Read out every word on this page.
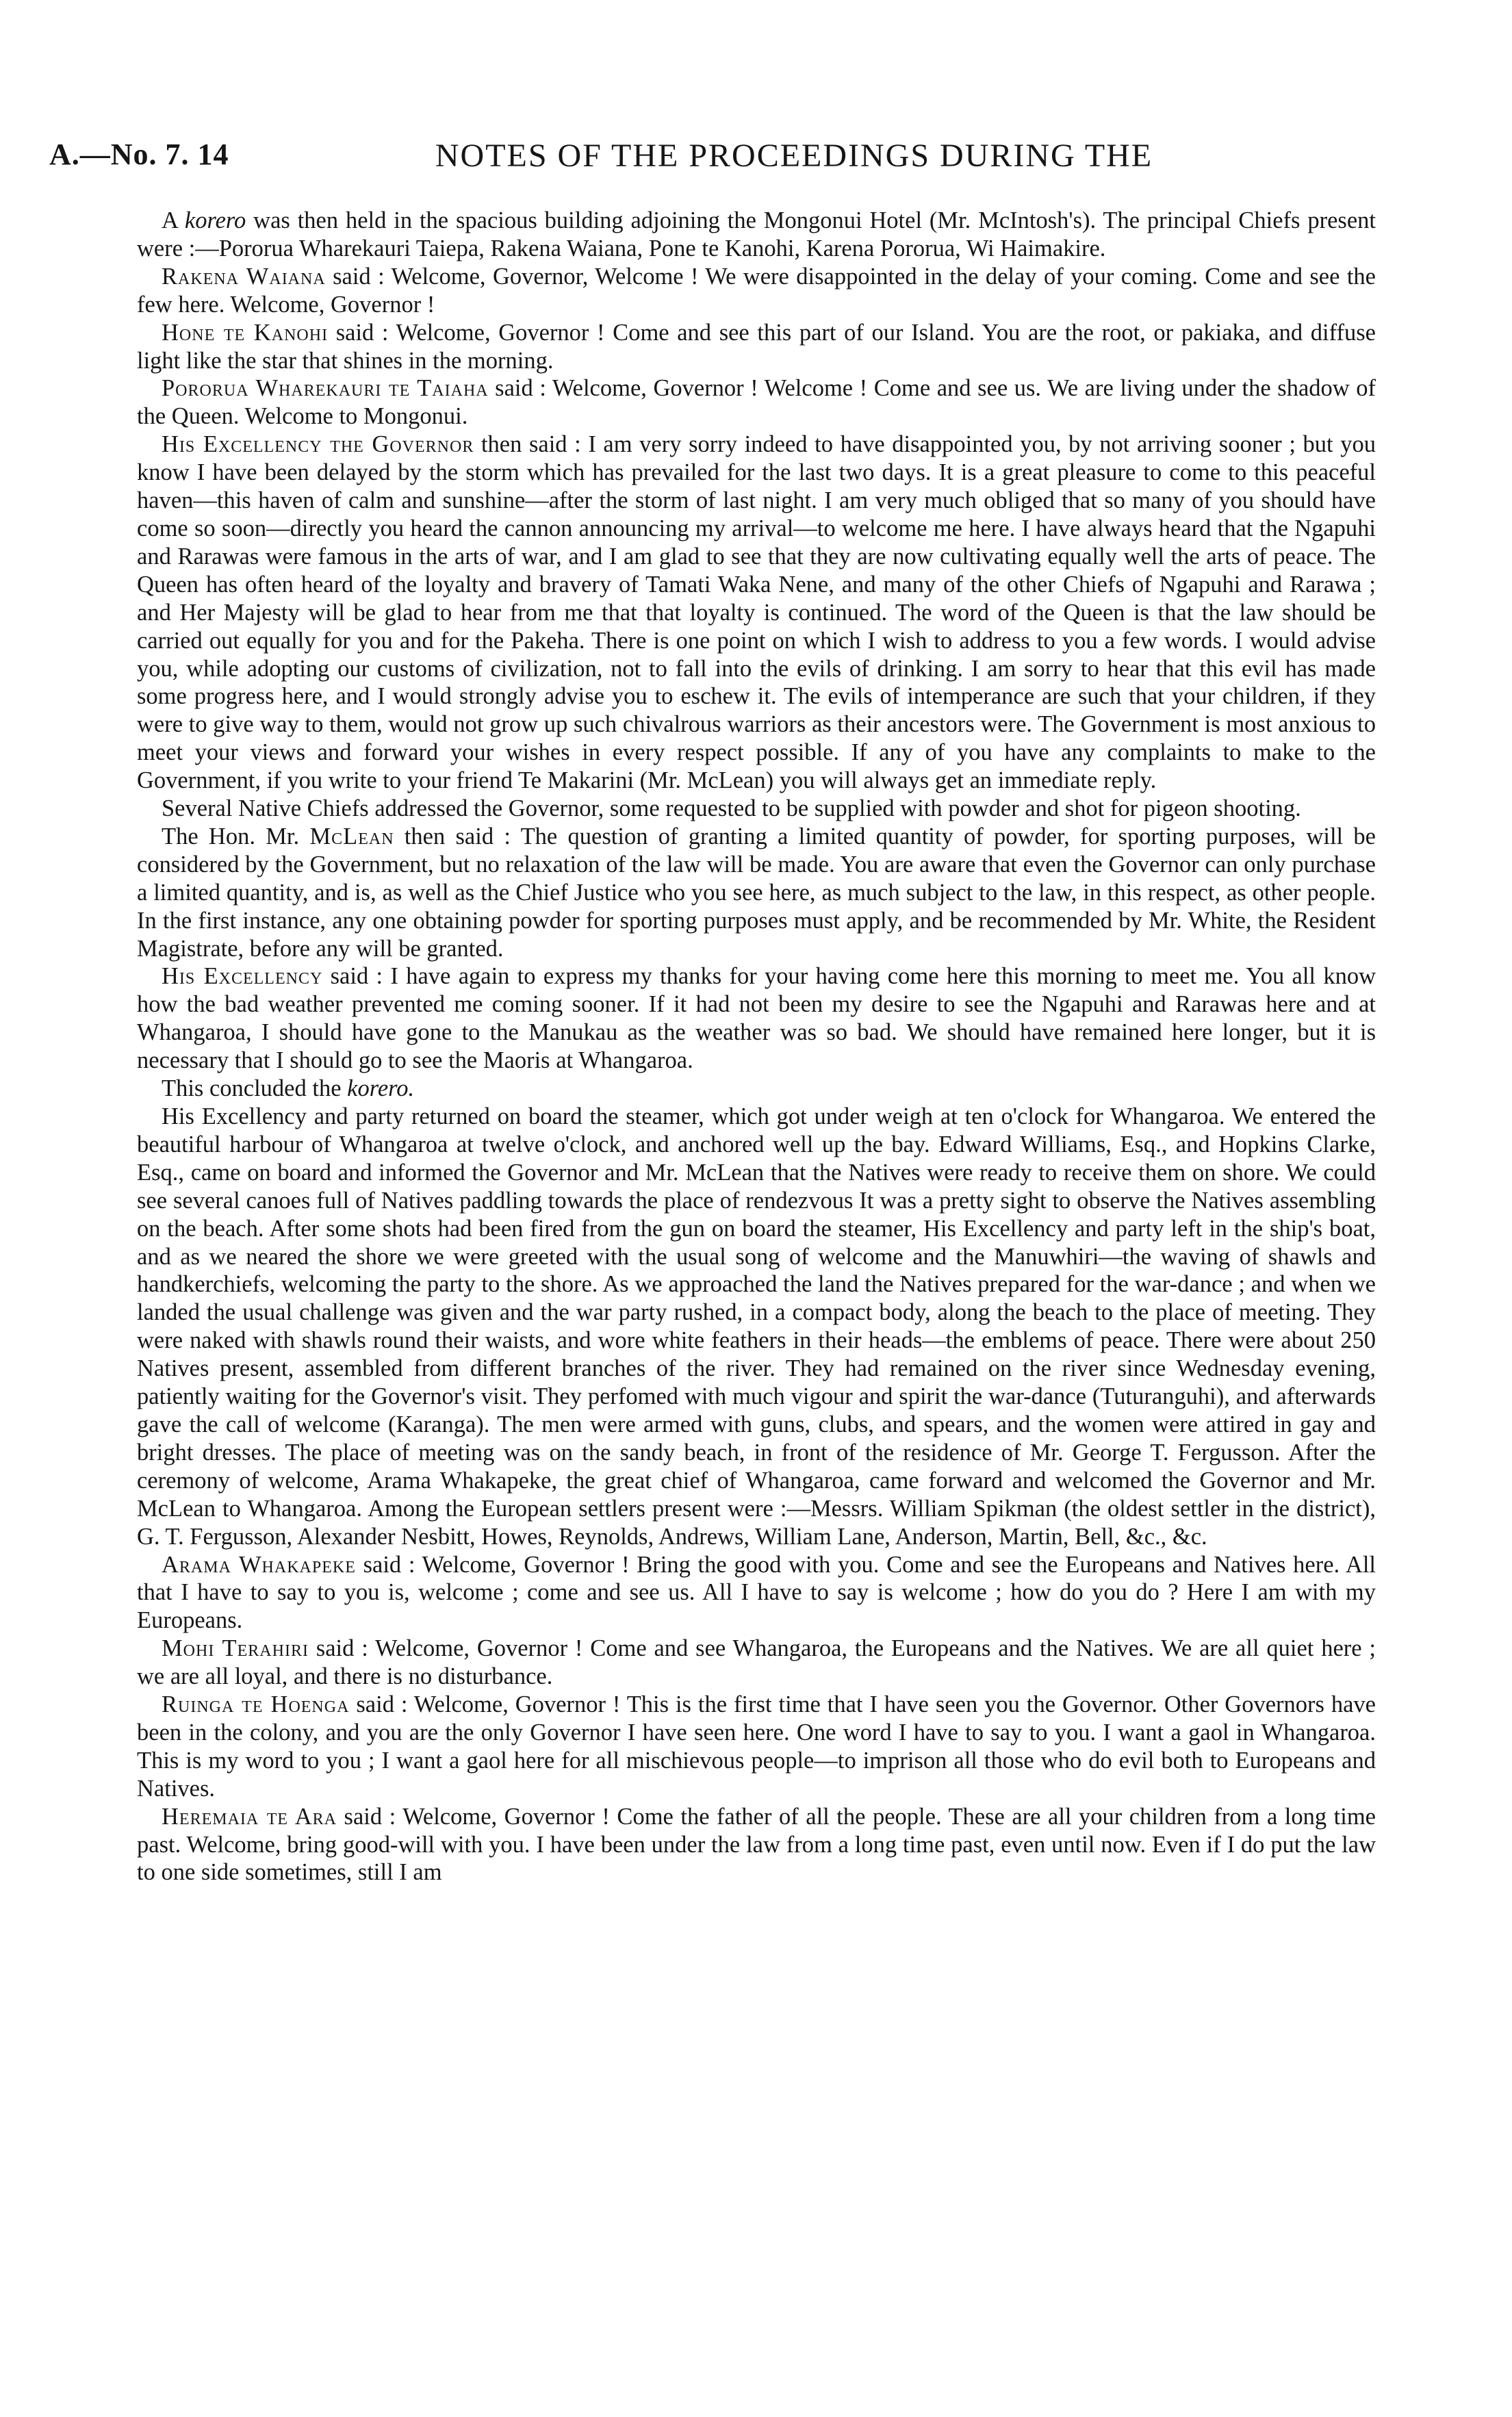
A.—No. 7. 14	NOTES OF THE PROCEEDINGS DURING THE

A korero was then held in the spacious building adjoining the Mongonui Hotel (Mr. McIntosh's). The principal Chiefs present were :—Pororua Wharekauri Taiepa, Rakena Waiana, Pone te Kanohi, Karena Pororua, Wi Haimakire.

Rakena Waiana said : Welcome, Governor, Welcome ! We were disappointed in the delay of your coming. Come and see the few here. Welcome, Governor !

Hone te Kanohi said : Welcome, Governor ! Come and see this part of our Island. You are the root, or pakiaka, and diffuse light like the star that shines in the morning.

Pororua Wharekauri te Taiaha said : Welcome, Governor ! Welcome ! Come and see us. We are living under the shadow of the Queen. Welcome to Mongonui.

His Excellency the Governor then said : I am very sorry indeed to have disappointed you, by not arriving sooner ; but you know I have been delayed by the storm which has prevailed for the last two days. It is a great pleasure to come to this peaceful haven—this haven of calm and sunshine—after the storm of last night. I am very much obliged that so many of you should have come so soon—directly you heard the cannon announcing my arrival—to welcome me here. I have always heard that the Ngapuhi and Rarawas were famous in the arts of war, and I am glad to see that they are now cultivating equally well the arts of peace. The Queen has often heard of the loyalty and bravery of Tamati Waka Nene, and many of the other Chiefs of Ngapuhi and Rarawa ; and Her Majesty will be glad to hear from me that that loyalty is continued. The word of the Queen is that the law should be carried out equally for you and for the Pakeha. There is one point on which I wish to address to you a few words. I would advise you, while adopting our customs of civilization, not to fall into the evils of drinking. I am sorry to hear that this evil has made some progress here, and I would strongly advise you to eschew it. The evils of intemperance are such that your children, if they were to give way to them, would not grow up such chivalrous warriors as their ancestors were. The Government is most anxious to meet your views and forward your wishes in every respect possible. If any of you have any complaints to make to the Government, if you write to your friend Te Makarini (Mr. McLean) you will always get an immediate reply.

Several Native Chiefs addressed the Governor, some requested to be supplied with powder and shot for pigeon shooting.

The Hon. Mr. McLean then said : The question of granting a limited quantity of powder, for sporting purposes, will be considered by the Government, but no relaxation of the law will be made. You are aware that even the Governor can only purchase a limited quantity, and is, as well as the Chief Justice who you see here, as much subject to the law, in this respect, as other people. In the first instance, any one obtaining powder for sporting purposes must apply, and be recommended by Mr. White, the Resident Magistrate, before any will be granted.

His Excellency said : I have again to express my thanks for your having come here this morning to meet me. You all know how the bad weather prevented me coming sooner. If it had not been my desire to see the Ngapuhi and Rarawas here and at Whangaroa, I should have gone to the Manukau as the weather was so bad. We should have remained here longer, but it is necessary that I should go to see the Maoris at Whangaroa.

This concluded the korero.

His Excellency and party returned on board the steamer, which got under weigh at ten o'clock for Whangaroa. We entered the beautiful harbour of Whangaroa at twelve o'clock, and anchored well up the bay. Edward Williams, Esq., and Hopkins Clarke, Esq., came on board and informed the Governor and Mr. McLean that the Natives were ready to receive them on shore. We could see several canoes full of Natives paddling towards the place of rendezvous It was a pretty sight to observe the Natives assembling on the beach. After some shots had been fired from the gun on board the steamer, His Excellency and party left in the ship's boat, and as we neared the shore we were greeted with the usual song of welcome and the Manuwhiri—the waving of shawls and handkerchiefs, welcoming the party to the shore. As we approached the land the Natives prepared for the war-dance ; and when we landed the usual challenge was given and the war party rushed, in a compact body, along the beach to the place of meeting. They were naked with shawls round their waists, and wore white feathers in their heads—the emblems of peace. There were about 250 Natives present, assembled from different branches of the river. They had remained on the river since Wednesday evening, patiently waiting for the Governor's visit. They perfomed with much vigour and spirit the war-dance (Tuturanguhi), and afterwards gave the call of welcome (Karanga). The men were armed with guns, clubs, and spears, and the women were attired in gay and bright dresses. The place of meeting was on the sandy beach, in front of the residence of Mr. George T. Fergusson. After the ceremony of welcome, Arama Whakapeke, the great chief of Whangaroa, came forward and welcomed the Governor and Mr. McLean to Whangaroa. Among the European settlers present were :—Messrs. William Spikman (the oldest settler in the district), G. T. Fergusson, Alexander Nesbitt, Howes, Reynolds, Andrews, William Lane, Anderson, Martin, Bell, &c., &c.

Arama Whakapeke said : Welcome, Governor ! Bring the good with you. Come and see the Europeans and Natives here. All that I have to say to you is, welcome ; come and see us. All I have to say is welcome ; how do you do ? Here I am with my Europeans.

Mohi Terahiri said : Welcome, Governor ! Come and see Whangaroa, the Europeans and the Natives. We are all quiet here ; we are all loyal, and there is no disturbance.

Ruinga te Hoenga said : Welcome, Governor ! This is the first time that I have seen you the Governor. Other Governors have been in the colony, and you are the only Governor I have seen here. One word I have to say to you. I want a gaol in Whangaroa. This is my word to you ; I want a gaol here for all mischievous people—to imprison all those who do evil both to Europeans and Natives.

Heremaia te Ara said : Welcome, Governor ! Come the father of all the people. These are all your children from a long time past. Welcome, bring good-will with you. I have been under the law from a long time past, even until now. Even if I do put the law to one side sometimes, still I am
